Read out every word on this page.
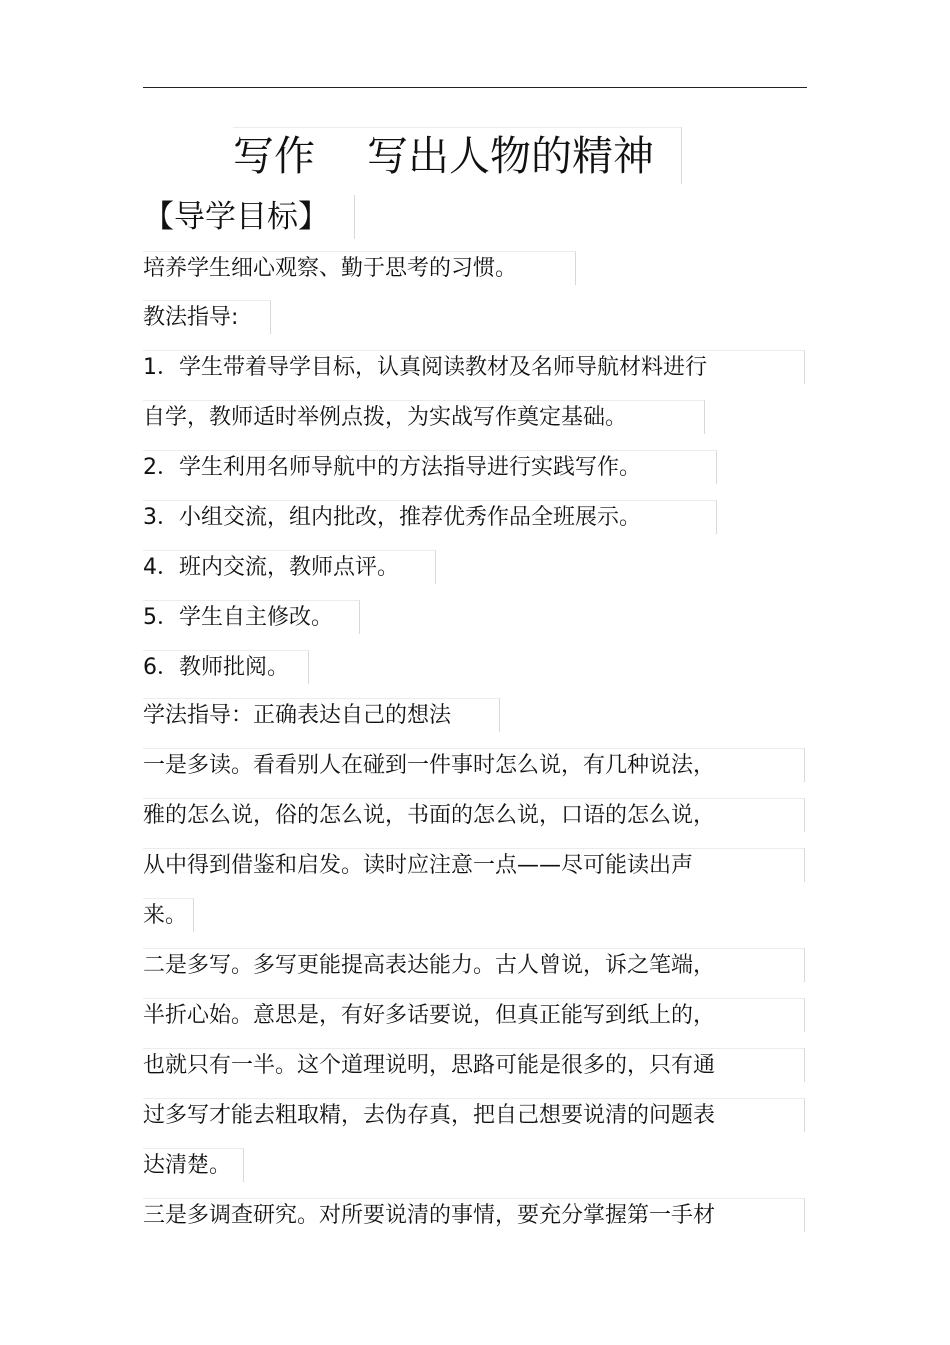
写作 写出人物的精神
【导学目标】
培养学生细心观察、勤于思考的习惯。
教法指导:
1．学生带着导学目标，认真阅读教材及名师导航材料进行
自学，教师适时举例点拨，为实战写作奠定基础。
2．学生利用名师导航中的方法指导进行实践写作。
3．小组交流，组内批改，推荐优秀作品全班展示。
4．班内交流，教师点评。
5．学生自主修改。
6．教师批阅。
学法指导：正确表达自己的想法
一是多读。看看别人在碰到一件事时怎么说，有几种说法，
雅的怎么说，俗的怎么说，书面的怎么说，口语的怎么说，
从中得到借鉴和启发。读时应注意一点——尽可能读出声
来。
二是多写。多写更能提高表达能力。古人曾说，诉之笔端，
半折心始。意思是，有好多话要说，但真正能写到纸上的，
也就只有一半。这个道理说明，思路可能是很多的，只有通
过多写才能去粗取精，去伪存真，把自己想要说清的问题表
达清楚。
三是多调查研究。对所要说清的事情，要充分掌握第一手材
